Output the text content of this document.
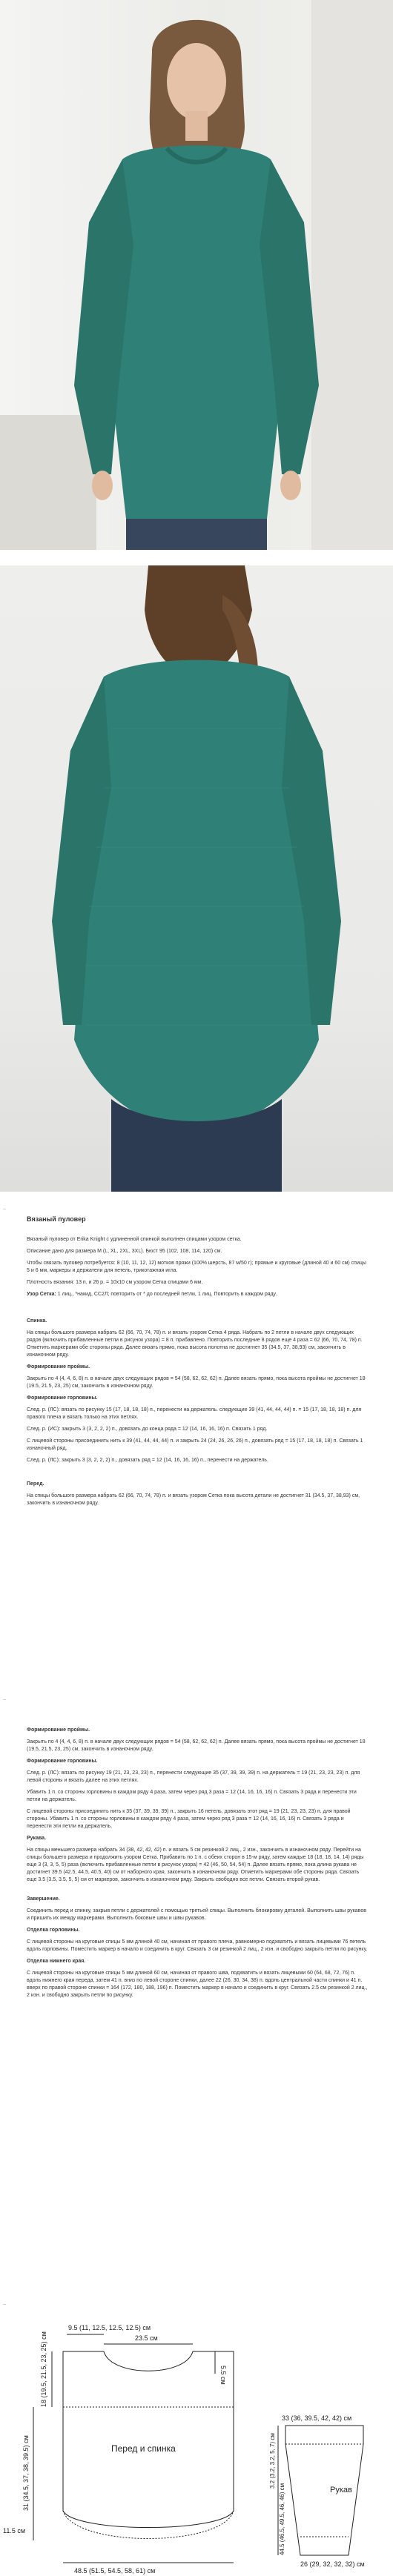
–

Вязаный пуловер

Вязаный пуловер от Erika Knight с удлиненной спинкой выполнен спицами узором сетка.

Описание дано для размера M (L, XL, 2XL, 3XL). Бюст 95 (102, 108, 114, 120) см.

Чтобы связать пуловер потребуется: 8 (10, 11, 12, 12) мотков пряжи (100% шерсть, 87 м/50 г); прямые и круговые (длиной 40 и 60 см) спицы 5 и 6 мм, маркеры и держатели для петель, трикотажная игла.

Плотность вязания: 13 п. и 26 р. = 10х10 см узором Сетка спицами 6 мм.

Узор Сетка: 1 лиц., *накид, СС2Л; повторить от * до последней петли, 1 лиц. Повторить в каждом ряду.

Спинка.

На спицы большого размера набрать 62 (66, 70, 74, 78) п. и вязать узором Сетка 4 ряда. Набрать по 2 петли в начале двух следующих рядов (включить прибавленные петли в рисунок узора) = 8 п. прибавлено. Повторить последние 8 рядов еще 4 раза = 62 (66, 70, 74, 78) п. Отметить маркерами обе стороны ряда. Далее вязать прямо, пока высота полотна не достигнет 35 (34.5, 37, 38,93) см, закончить в изнаночном ряду.

Формирование проймы.

Закрыть по 4 (4, 4, 6, 8) п. в начале двух следующих рядов = 54 (58, 62, 62, 62) п. Далее вязать прямо, пока высота проймы не достигнет 18 (19.5, 21.5, 23, 25) см, закончить в изнаночном ряду.

Формирование горловины.

След. р. (ЛС): вязать по рисунку 15 (17, 18, 18, 18) п., перенести на держатель. следующие 39 (41, 44, 44, 44) п. = 15 (17, 18, 18, 18) п. для правого плеча и вязать только на этих петлях.

След. р. (ИС): закрыть 3 (3, 2, 2, 2) п., довязать до конца ряда = 12 (14, 16, 16, 16) п. Связать 1 ряд.

С лицевой стороны присоединить нить к 39 (41, 44, 44, 44) п. и закрыть 24 (24, 26, 26, 26) п., довязать ряд = 15 (17, 18, 18, 18) п. Связать 1 изнаночный ряд.

След. р. (ЛС): закрыть 3 (3, 2, 2, 2) п., довязать ряд = 12 (14, 16, 16, 16) п., перенести на держатель.

Перед.

На спицы большого размера набрать 62 (66, 70, 74, 78) п. и вязать узором Сетка пока высота детали не достигнет 31 (34.5, 37, 38,93) см, закончить в изнаночном ряду.

–

Формирование проймы.

Закрыть по 4 (4, 4, 6, 8) п. в начале двух следующих рядов = 54 (58, 62, 62, 62) п. Далее вязать прямо, пока высота проймы не достигнет 18 (19.5, 21.5, 23, 25) см, закончить в изнаночном ряду.

Формирование горловины.

След. р. (ЛС): вязать по рисунку 19 (21, 23, 23, 23) п., перенести следующие 35 (37, 39, 39, 39) п. на держатель = 19 (21, 23, 23, 23) п. для левой стороны и вязать далее на этих петлях.

Убавить 1 п. со стороны горловины в каждом ряду 4 раза, затем через ряд 3 раза = 12 (14, 16, 16, 16) п. Связать 3 ряда и перенести эти петли на держатель.

С лицевой стороны присоединить нить к 35 (37, 39, 39, 39) п., закрыть 16 петель, довязать этот ряд = 19 (21, 23, 23, 23) п. для правой стороны. Убавить 1 п. со стороны горловины в каждом ряду 4 раза, затем через ряд 3 раза = 12 (14, 16, 16, 16) п. Связать 3 ряда и перенести эти петли на держатель.

Рукава.

На спицы меньшего размера набрать 34 (38, 42, 42, 42) п. и вязать 5 см резинкой 2 лиц., 2 изн., закончить в изнаночном ряду. Перейти на спицы большего размера и продолжить узором Сетка. Прибавить по 1 п. с обеих сторон в 15-м ряду, затем каждые 18 (18, 18, 14, 14) ряды еще 3 (3, 3, 5, 5) раза (включить прибавленные петли в рисунок узора) = 42 (46, 50, 54, 54) п. Далее вязать прямо, пока длина рукава не достигнет 39.5 (42.5, 44.5, 40.5, 40) см от наборного края, закончить в изнаночном ряду. Отметить маркерами обе стороны ряда. Связать еще 3.5 (3.5, 3.5, 5, 5) см от маркеров, закончить в изнаночном ряду. Закрыть свободно все петли. Связать второй рукав.

Завершение.

Соединить перед и спинку, закрыв петли с держателей с помощью третьей спицы. Выполнить блокировку деталей. Выполнить швы рукавов и пришить их между маркерами. Выполнить боковые швы и швы рукавов.

Отделка горловины.

С лицевой стороны на круговые спицы 5 мм длиной 40 см, начиная от правого плеча, равномерно подхватить и вязать лицевыми 76 петель вдоль горловины. Поместить маркер в начало и соединить в круг. Связать 3 см резинкой 2 лиц., 2 изн. и свободно закрыть петли по рисунку.

Отделка нижнего края.

С лицевой стороны на круговые спицы 5 мм длиной 60 см, начиная от правого шва, подхватить и вязать лицевыми 60 (64, 68, 72, 76) п. вдоль нижнего края переда, затем 41 п. вниз по левой стороне спинки, далее 22 (26, 30, 34, 38) п. вдоль центральной части спинки и 41 п. вверх по правой стороне спинки = 164 (172, 180, 188, 196) п. Поместить маркер в начало и соединить в круг. Связать 2.5 см резинкой 2 лиц., 2 изн. и свободно закрыть петли по рисунку.

–
9.5 (11, 12.5, 12.5, 12.5) см
23.5 см
5.5 см
18 (19.5, 21.5, 23, 25) см
31 (34.5, 37, 38, 39.5) см
11.5 см
Перед и спинка
48.5 (51.5, 54.5, 58, 61) см
33 (36, 39.5, 42, 42) см
3.2 (3.2, 3.2, 5, 7) см
44.5 (46.5, 49.5, 46, 46) см	Рукав
26 (29, 32, 32, 32) см
